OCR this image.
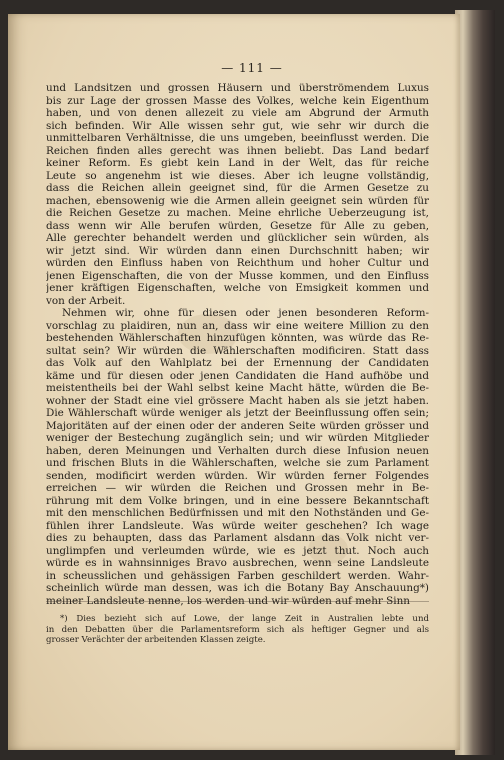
— 111 —
und Landsitzen und grossen Häusern und überströmendem Luxus
bis zur Lage der grossen Masse des Volkes, welche kein Eigenthum
haben, und von denen allezeit zu viele am Abgrund der Armuth
sich befinden. Wir Alle wissen sehr gut, wie sehr wir durch die
unmittelbaren Verhältnisse, die uns umgeben, beeinflusst werden. Die
Reichen finden alles gerecht was ihnen beliebt. Das Land bedarf
keiner Reform. Es giebt kein Land in der Welt, das für reiche
Leute so angenehm ist wie dieses. Aber ich leugne vollständig,
dass die Reichen allein geeignet sind, für die Armen Gesetze zu
machen, ebensowenig wie die Armen allein geeignet sein würden für
die Reichen Gesetze zu machen. Meine ehrliche Ueberzeugung ist,
dass wenn wir Alle berufen würden, Gesetze für Alle zu geben,
Alle gerechter behandelt werden und glücklicher sein würden, als
wir jetzt sind. Wir würden dann einen Durchschnitt haben; wir
würden den Einfluss haben von Reichthum und hoher Cultur und
jenen Eigenschaften, die von der Musse kommen, und den Einfluss
jener kräftigen Eigenschaften, welche von Emsigkeit kommen und
von der Arbeit.
Nehmen wir, ohne für diesen oder jenen besonderen Reform-
vorschlag zu plaidiren, nun an, dass wir eine weitere Million zu den
bestehenden Wählerschaften hinzufügen könnten, was würde das Re-
sultat sein? Wir würden die Wählerschaften modificiren. Statt dass
das Volk auf den Wahlplatz bei der Ernennung der Candidaten
käme und für diesen oder jenen Candidaten die Hand aufhöbe und
meistentheils bei der Wahl selbst keine Macht hätte, würden die Be-
wohner der Stadt eine viel grössere Macht haben als sie jetzt haben.
Die Wählerschaft würde weniger als jetzt der Beeinflussung offen sein;
Majoritäten auf der einen oder der anderen Seite würden grösser und
weniger der Bestechung zugänglich sein; und wir würden Mitglieder
haben, deren Meinungen und Verhalten durch diese Infusion neuen
und frischen Bluts in die Wählerschaften, welche sie zum Parlament
senden, modificirt werden würden. Wir würden ferner Folgendes
erreichen — wir würden die Reichen und Grossen mehr in Be-
rührung mit dem Volke bringen, und in eine bessere Bekanntschaft
mit den menschlichen Bedürfnissen und mit den Nothständen und Ge-
fühlen ihrer Landsleute. Was würde weiter geschehen? Ich wage
dies zu behaupten, dass das Parlament alsdann das Volk nicht ver-
unglimpfen und verleumden würde, wie es jetzt thut. Noch auch
würde es in wahnsinniges Bravo ausbrechen, wenn seine Landsleute
in scheusslichen und gehässigen Farben geschildert werden. Wahr-
scheinlich würde man dessen, was ich die Botany Bay Anschauung*)
meiner Landsleute nenne, los werden und wir würden auf mehr Sinn
*) Dies bezieht sich auf Lowe, der lange Zeit in Australien lebte und
in den Debatten über die Parlamentsreform sich als heftiger Gegner und als
grosser Verächter der arbeitenden Klassen zeigte.
